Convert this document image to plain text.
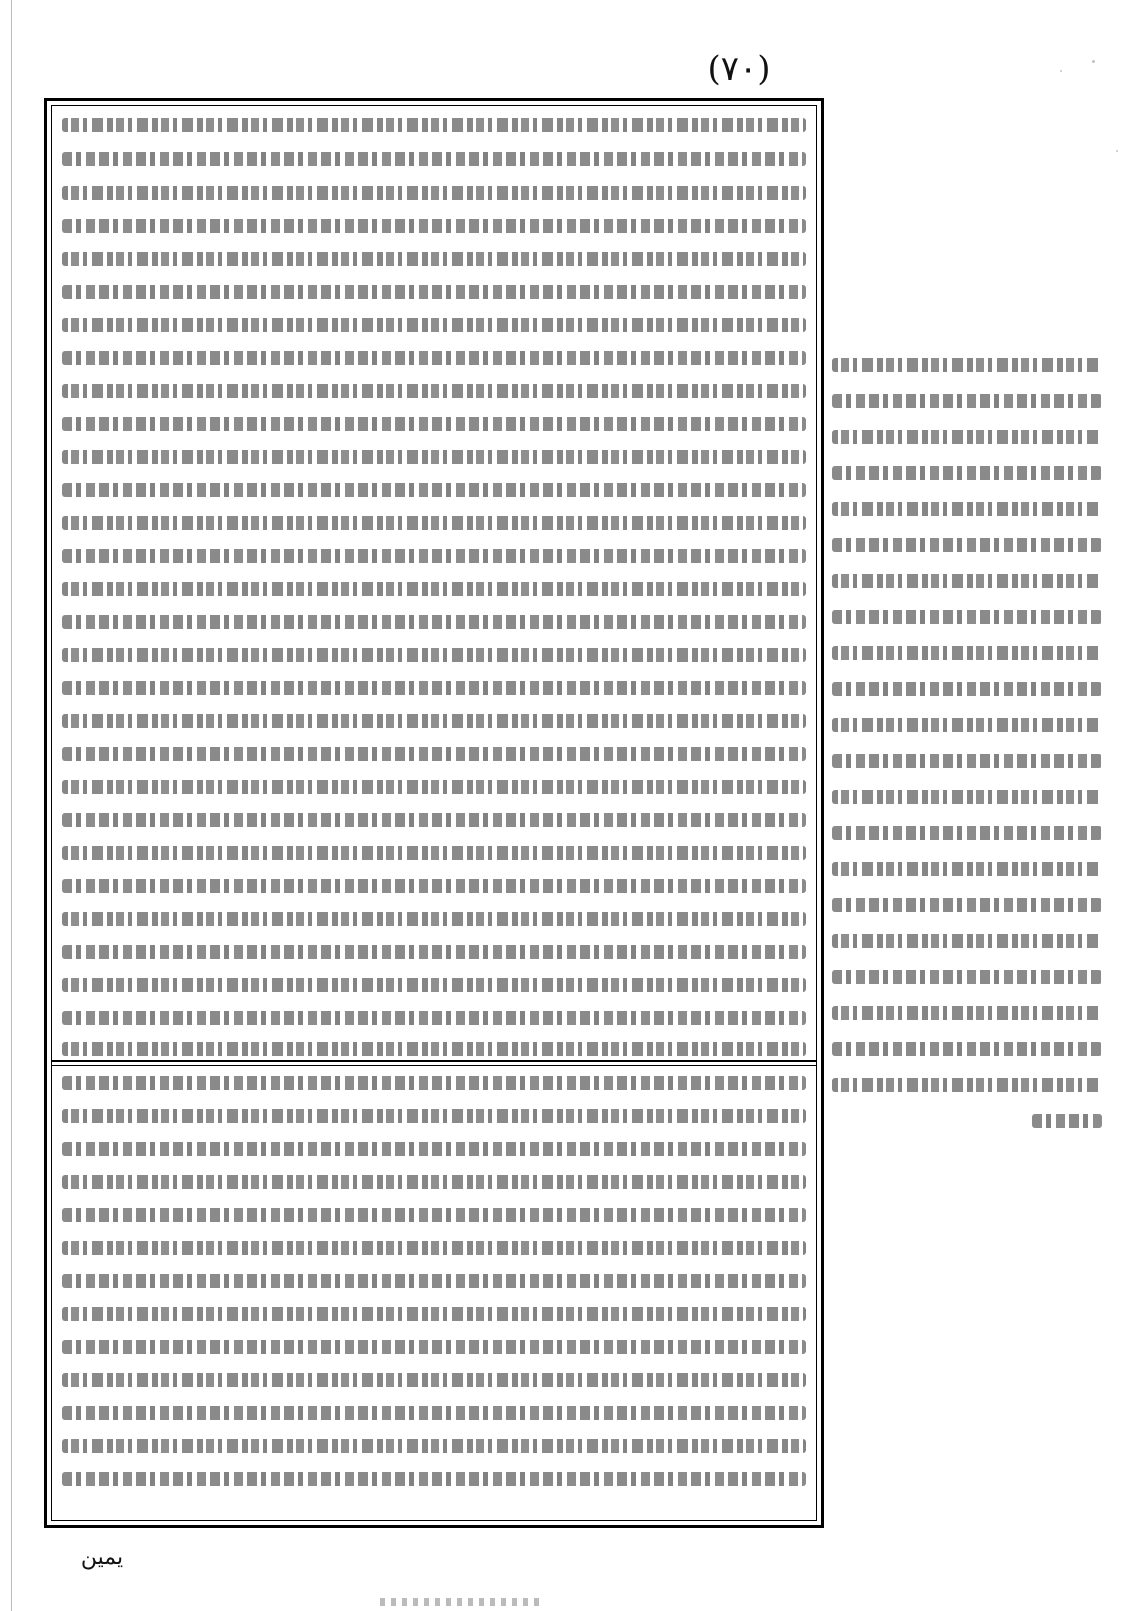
(٧٠)
يمين
